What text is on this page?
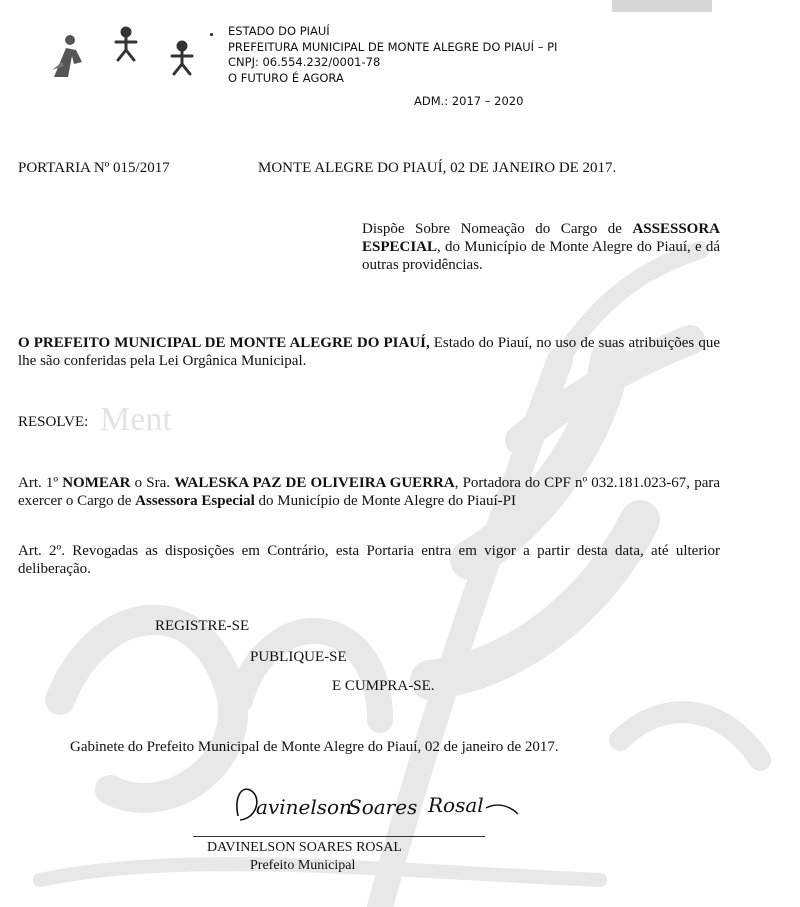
Ment
ESTADO DO PIAUÍ
PREFEITURA MUNICIPAL DE MONTE ALEGRE DO PIAUÍ – PI
CNPJ: 06.554.232/0001-78
O FUTURO É AGORA
ADM.: 2017 – 2020
PORTARIA Nº 015/2017	MONTE ALEGRE DO PIAUÍ, 02 DE JANEIRO DE 2017.
Dispõe Sobre Nomeação do Cargo de ASSESSORA ESPECIAL, do Município de Monte Alegre do Piauí, e dá outras providências.
O PREFEITO MUNICIPAL DE MONTE ALEGRE DO PIAUÍ, Estado do Piauí, no uso de suas atribuições que lhe são conferidas pela Lei Orgânica Municipal.
RESOLVE:
Art. 1º NOMEAR o Sra. WALESKA PAZ DE OLIVEIRA GUERRA, Portadora do CPF nº 032.181.023-67, para exercer o Cargo de Assessora Especial do Município de Monte Alegre do Piauí-PI
Art. 2º. Revogadas as disposições em Contrário, esta Portaria entra em vigor a partir desta data, até ulterior deliberação.
REGISTRE-SE
PUBLIQUE-SE
E CUMPRA-SE.
Gabinete do Prefeito Municipal de Monte Alegre do Piauí, 02 de janeiro de 2017.
avinelson
Soares Rosal
DAVINELSON SOARES ROSAL
Prefeito Municipal
